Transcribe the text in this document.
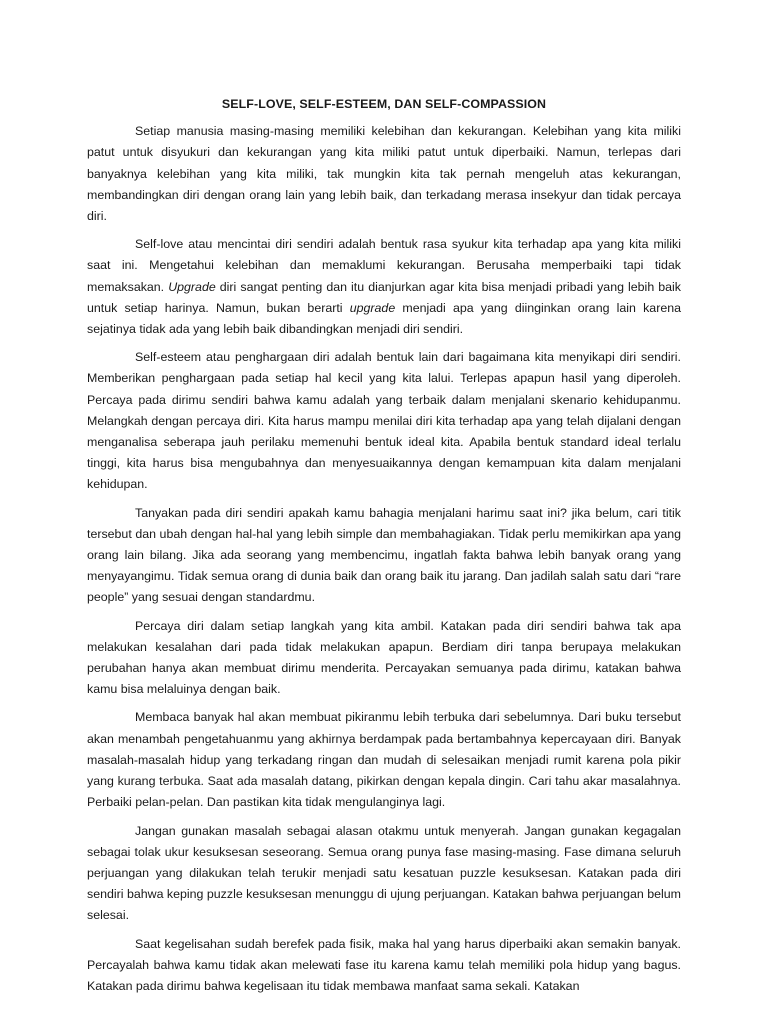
SELF-LOVE, SELF-ESTEEM, DAN SELF-COMPASSION

Setiap manusia masing-masing memiliki kelebihan dan kekurangan. Kelebihan yang kita miliki patut untuk disyukuri dan kekurangan yang kita miliki patut untuk diperbaiki. Namun, terlepas dari banyaknya kelebihan yang kita miliki, tak mungkin kita tak pernah mengeluh atas kekurangan, membandingkan diri dengan orang lain yang lebih baik, dan terkadang merasa insekyur dan tidak percaya diri.

Self-love atau mencintai diri sendiri adalah bentuk rasa syukur kita terhadap apa yang kita miliki saat ini. Mengetahui kelebihan dan memaklumi kekurangan. Berusaha memperbaiki tapi tidak memaksakan. Upgrade diri sangat penting dan itu dianjurkan agar kita bisa menjadi pribadi yang lebih baik untuk setiap harinya. Namun, bukan berarti upgrade menjadi apa yang diinginkan orang lain karena sejatinya tidak ada yang lebih baik dibandingkan menjadi diri sendiri.

Self-esteem atau penghargaan diri adalah bentuk lain dari bagaimana kita menyikapi diri sendiri. Memberikan penghargaan pada setiap hal kecil yang kita lalui. Terlepas apapun hasil yang diperoleh. Percaya pada dirimu sendiri bahwa kamu adalah yang terbaik dalam menjalani skenario kehidupanmu. Melangkah dengan percaya diri. Kita harus mampu menilai diri kita terhadap apa yang telah dijalani dengan menganalisa seberapa jauh perilaku memenuhi bentuk ideal kita. Apabila bentuk standard ideal terlalu tinggi, kita harus bisa mengubahnya dan menyesuaikannya dengan kemampuan kita dalam menjalani kehidupan.

Tanyakan pada diri sendiri apakah kamu bahagia menjalani harimu saat ini? jika belum, cari titik tersebut dan ubah dengan hal-hal yang lebih simple dan membahagiakan. Tidak perlu memikirkan apa yang orang lain bilang. Jika ada seorang yang membencimu, ingatlah fakta bahwa lebih banyak orang yang menyayangimu. Tidak semua orang di dunia baik dan orang baik itu jarang. Dan jadilah salah satu dari “rare people” yang sesuai dengan standardmu.

Percaya diri dalam setiap langkah yang kita ambil. Katakan pada diri sendiri bahwa tak apa melakukan kesalahan dari pada tidak melakukan apapun. Berdiam diri tanpa berupaya melakukan perubahan hanya akan membuat dirimu menderita. Percayakan semuanya pada dirimu, katakan bahwa kamu bisa melaluinya dengan baik.

Membaca banyak hal akan membuat pikiranmu lebih terbuka dari sebelumnya. Dari buku tersebut akan menambah pengetahuanmu yang akhirnya berdampak pada bertambahnya kepercayaan diri. Banyak masalah-masalah hidup yang terkadang ringan dan mudah di selesaikan menjadi rumit karena pola pikir yang kurang terbuka. Saat ada masalah datang, pikirkan dengan kepala dingin. Cari tahu akar masalahnya. Perbaiki pelan-pelan. Dan pastikan kita tidak mengulanginya lagi.

Jangan gunakan masalah sebagai alasan otakmu untuk menyerah. Jangan gunakan kegagalan sebagai tolak ukur kesuksesan seseorang. Semua orang punya fase masing-masing. Fase dimana seluruh perjuangan yang dilakukan telah terukir menjadi satu kesatuan puzzle kesuksesan. Katakan pada diri sendiri bahwa keping puzzle kesuksesan menunggu di ujung perjuangan. Katakan bahwa perjuangan belum selesai.

Saat kegelisahan sudah berefek pada fisik, maka hal yang harus diperbaiki akan semakin banyak. Percayalah bahwa kamu tidak akan melewati fase itu karena kamu telah memiliki pola hidup yang bagus. Katakan pada dirimu bahwa kegelisaan itu tidak membawa manfaat sama sekali. Katakan
